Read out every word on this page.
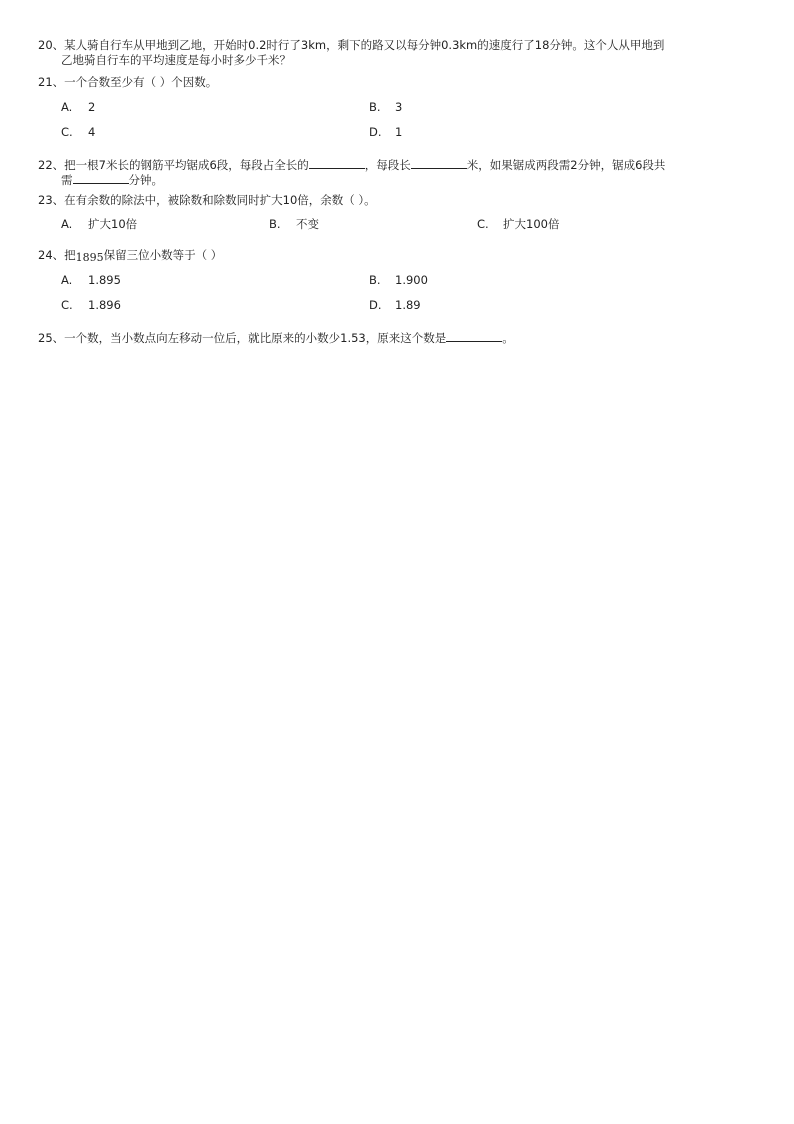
20、某人骑自行车从甲地到乙地，开始时0.2时行了3km，剩下的路又以每分钟0.3km的速度行了18分钟。这个人从甲地到
乙地骑自行车的平均速度是每小时多少千米？
21、一个合数至少有（ ）个因数。
A. 2	B. 3
C. 4	D. 1
22、把一根7米长的钢筋平均锯成6段，每段占全长的	，每段长	米，如果锯成两段需2分钟，锯成6段共
需	分钟。
23、在有余数的除法中，被除数和除数同时扩大10倍，余数（ ）。
A. 扩大10倍	B. 不变	C. 扩大100倍
24、把1895保留三位小数等于（ ）
A. 1.895	B. 1.900
C. 1.896	D. 1.89
25、一个数，当小数点向左移动一位后，就比原来的小数少1.53，原来这个数是	。
